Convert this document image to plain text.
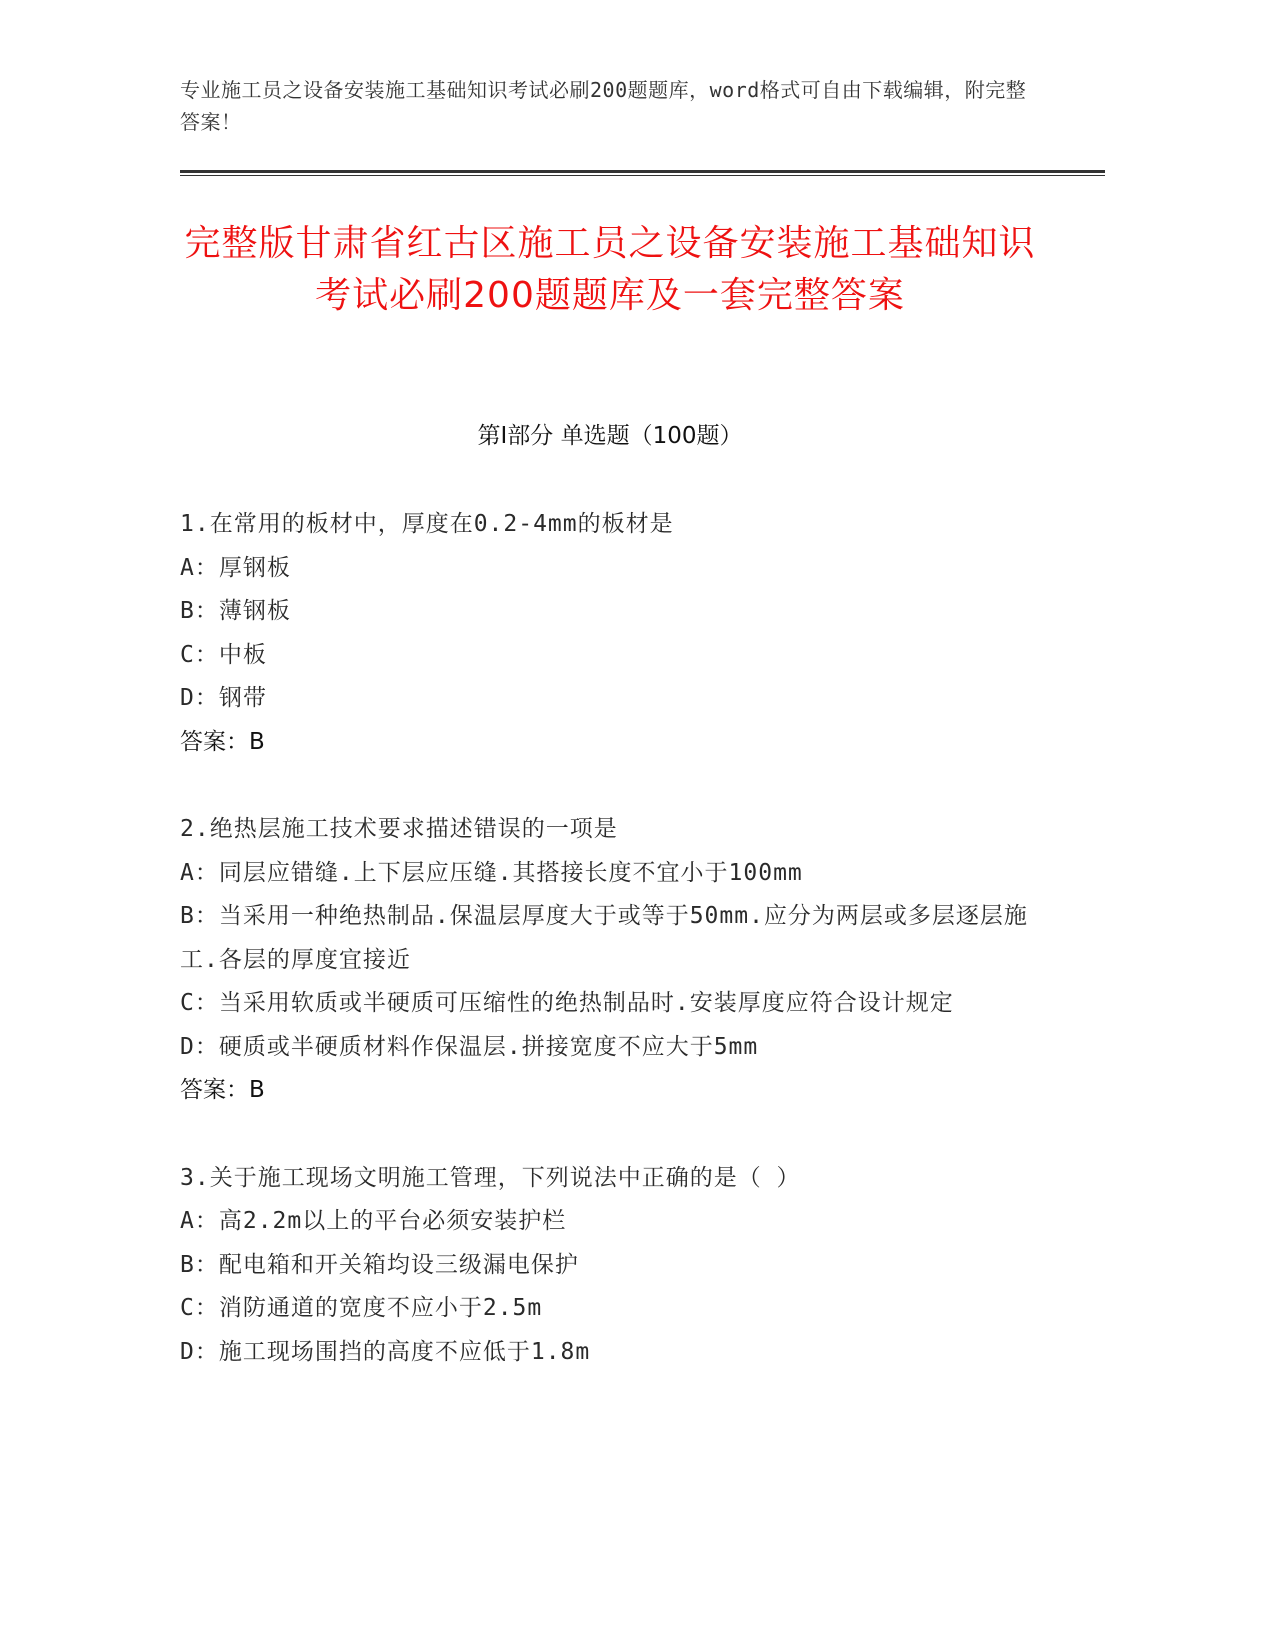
专业施工员之设备安装施工基础知识考试必刷200题题库，word格式可自由下载编辑，附完整答案！
完整版甘肃省红古区施工员之设备安装施工基础知识考试必刷200题题库及一套完整答案
第Ⅰ部分 单选题（100题）
1.在常用的板材中，厚度在0.2-4mm的板材是
A：厚钢板
B：薄钢板
C：中板
D：钢带
答案：B
2.绝热层施工技术要求描述错误的一项是
A：同层应错缝.上下层应压缝.其搭接长度不宜小于100mm
B：当采用一种绝热制品.保温层厚度大于或等于50mm.应分为两层或多层逐层施工.各层的厚度宜接近
C：当采用软质或半硬质可压缩性的绝热制品时.安装厚度应符合设计规定
D：硬质或半硬质材料作保温层.拼接宽度不应大于5mm
答案：B
3.关于施工现场文明施工管理，下列说法中正确的是（ ）
A：高2.2m以上的平台必须安装护栏
B：配电箱和开关箱均设三级漏电保护
C：消防通道的宽度不应小于2.5m
D：施工现场围挡的高度不应低于1.8m
